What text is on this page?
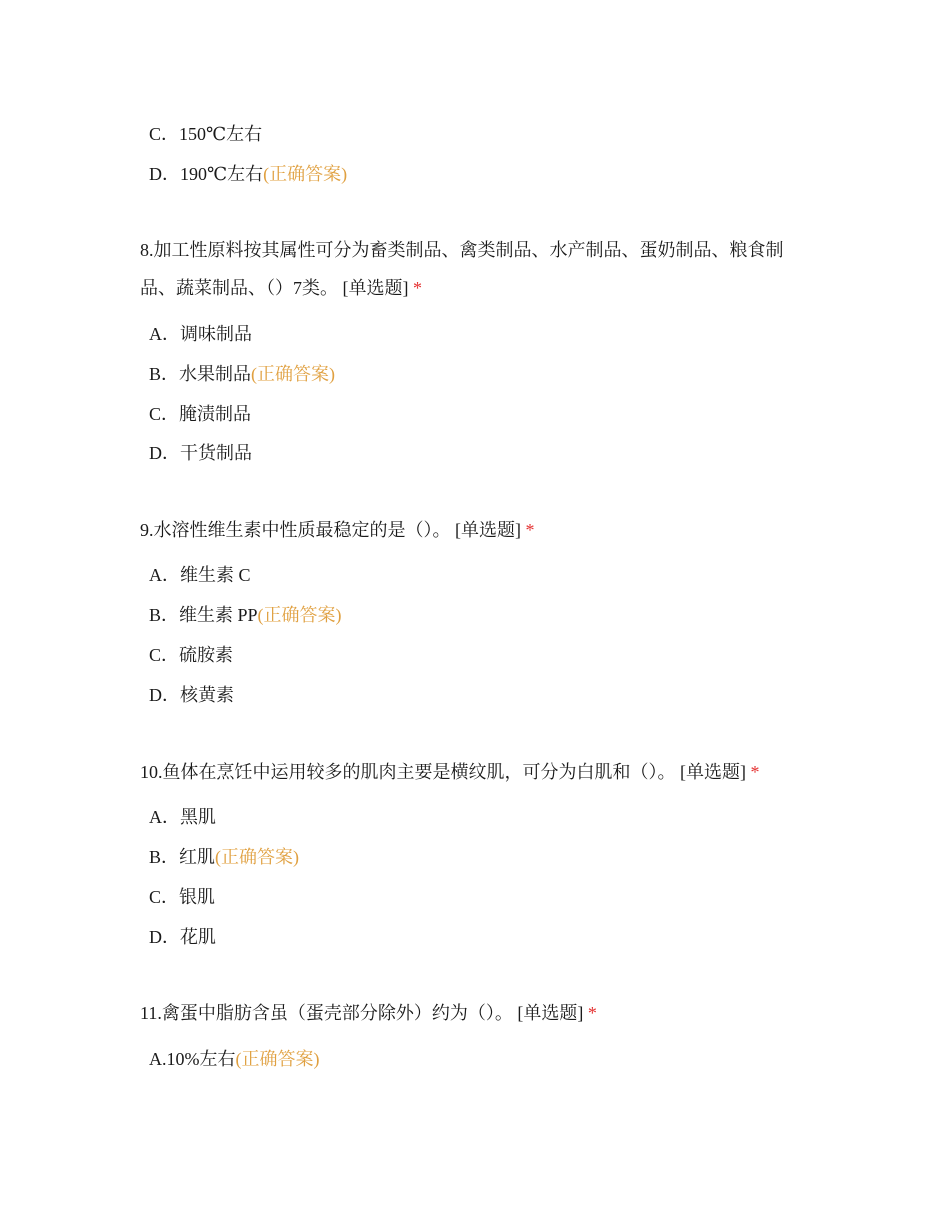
C．150℃左右
D．190℃左右(正确答案)
8.加工性原料按其属性可分为畜类制品、禽类制品、水产制品、蛋奶制品、粮食制品、蔬菜制品、（）7类。 [单选题] *
A．调味制品
B．水果制品(正确答案)
C．腌渍制品
D．干货制品
9.水溶性维生素中性质最稳定的是（）。 [单选题] *
A．维生素 C
B．维生素 PP(正确答案)
C．硫胺素
D．核黄素
10.鱼体在烹饪中运用较多的肌肉主要是横纹肌，可分为白肌和（）。 [单选题] *
A．黑肌
B．红肌(正确答案)
C．银肌
D．花肌
11.禽蛋中脂肪含虽（蛋壳部分除外）约为（）。 [单选题] *
A.10%左右(正确答案)
